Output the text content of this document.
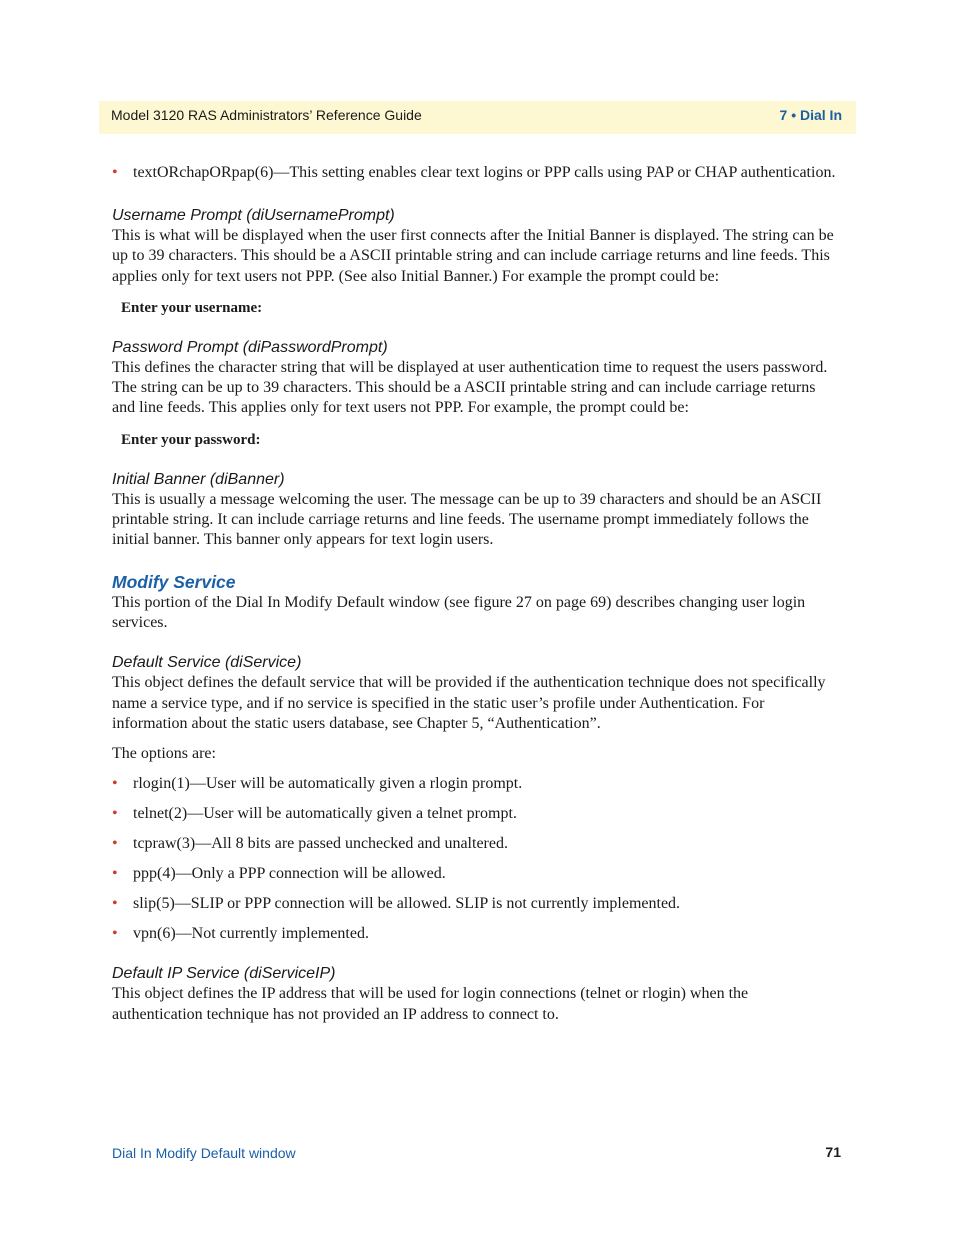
Model 3120 RAS Administrators’ Reference Guide	7 • Dial In
• textORchapORpap(6)—This setting enables clear text logins or PPP calls using PAP or CHAP authentication.
Username Prompt (diUsernamePrompt)

This is what will be displayed when the user first connects after the Initial Banner is displayed. The string can be up to 39 characters. This should be a ASCII printable string and can include carriage returns and line feeds. This applies only for text users not PPP. (See also Initial Banner.) For example the prompt could be:

Enter your username:
Password Prompt (diPasswordPrompt)

This defines the character string that will be displayed at user authentication time to request the users password. The string can be up to 39 characters. This should be a ASCII printable string and can include carriage returns and line feeds. This applies only for text users not PPP. For example, the prompt could be:

Enter your password:
Initial Banner (diBanner)

This is usually a message welcoming the user. The message can be up to 39 characters and should be an ASCII printable string. It can include carriage returns and line feeds. The username prompt immediately follows the initial banner. This banner only appears for text login users.

Modify Service

This portion of the Dial In Modify Default window (see figure 27 on page 69) describes changing user login services.

Default Service (diService)

This object defines the default service that will be provided if the authentication technique does not specifically name a service type, and if no service is specified in the static user’s profile under Authentication. For information about the static users database, see Chapter 5, “Authentication”.

The options are:

• rlogin(1)—User will be automatically given a rlogin prompt.
• telnet(2)—User will be automatically given a telnet prompt.
• tcpraw(3)—All 8 bits are passed unchecked and unaltered.
• ppp(4)—Only a PPP connection will be allowed.
• slip(5)—SLIP or PPP connection will be allowed. SLIP is not currently implemented.
• vpn(6)—Not currently implemented.
Default IP Service (diServiceIP)

This object defines the IP address that will be used for login connections (telnet or rlogin) when the authentication technique has not provided an IP address to connect to.

Dial In Modify Default window	71
